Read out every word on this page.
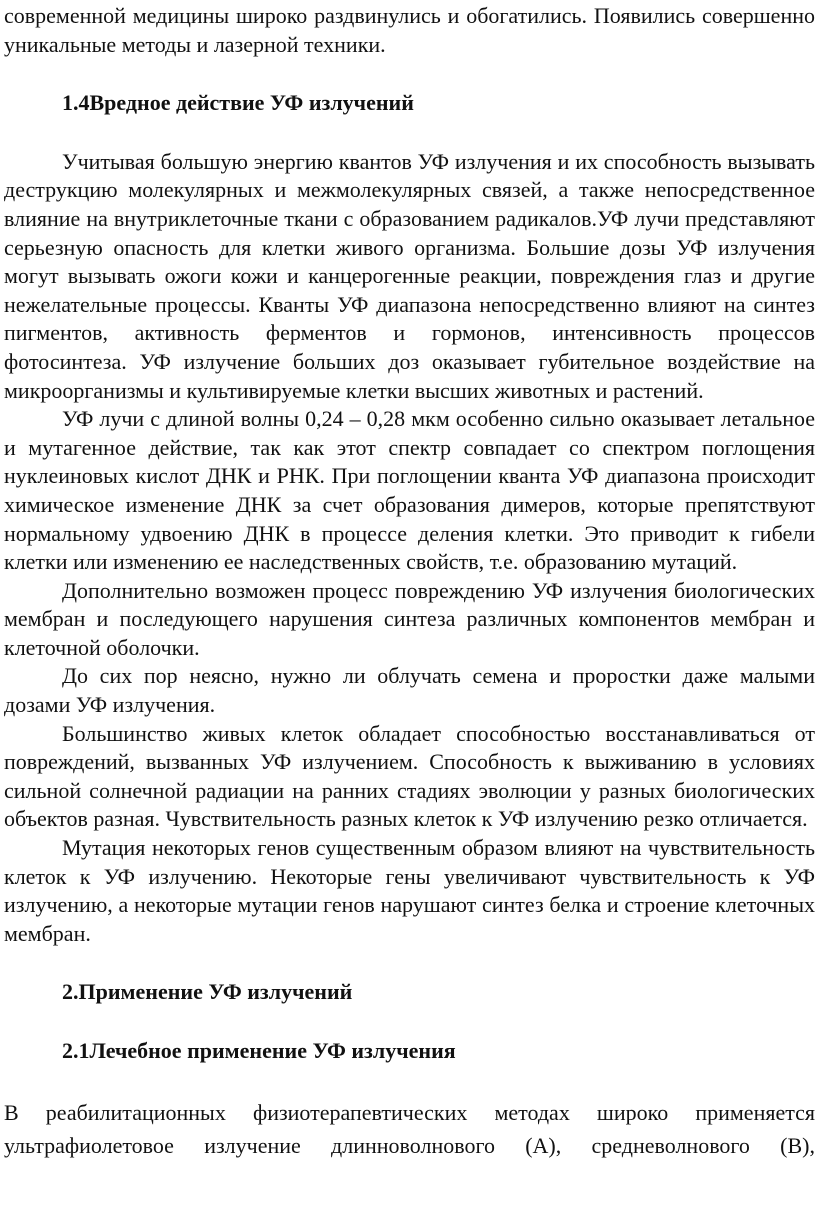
современной медицины широко раздвинулись и обогатились. Появились совершенно уникальные методы и лазерной техники.

1.4Вредное действие УФ излучений

Учитывая большую энергию квантов УФ излучения и их способность вызывать деструкцию молекулярных и межмолекулярных связей, а также непосредственное влияние на внутриклеточные ткани с образованием радикалов.УФ лучи представляют серьезную опасность для клетки живого организма. Большие дозы УФ излучения могут вызывать ожоги кожи и канцерогенные реакции, повреждения глаз и другие нежелательные процессы. Кванты УФ диапазона непосредственно влияют на синтез пигментов, активность ферментов и гормонов, интенсивность процессов фотосинтеза. УФ излучение больших доз оказывает губительное воздействие на микроорганизмы и культивируемые клетки высших животных и растений.

УФ лучи с длиной волны 0,24 – 0,28 мкм особенно сильно оказывает летальное и мутагенное действие, так как этот спектр совпадает со спектром поглощения нуклеиновых кислот ДНК и РНК. При поглощении кванта УФ диапазона происходит химическое изменение ДНК за счет образования димеров, которые препятствуют нормальному удвоению ДНК в процессе деления клетки. Это приводит к гибели клетки или изменению ее наследственных свойств, т.е. образованию мутаций.

Дополнительно возможен процесс повреждению УФ излучения биологических мембран и последующего нарушения синтеза различных компонентов мембран и клеточной оболочки.

До сих пор неясно, нужно ли облучать семена и проростки даже малыми дозами УФ излучения.

Большинство живых клеток обладает способностью восстанавливаться от повреждений, вызванных УФ излучением. Способность к выживанию в условиях сильной солнечной радиации на ранних стадиях эволюции у разных биологических объектов разная. Чувствительность разных клеток к УФ излучению резко отличается.

Мутация некоторых генов существенным образом влияют на чувствительность клеток к УФ излучению. Некоторые гены увеличивают чувствительность к УФ излучению, а некоторые мутации генов нарушают синтез белка и строение клеточных мембран.

2.Применение УФ излучений
2.1Лечебное применение УФ излучения

В реабилитационных физиотерапевтических методах широко применяется ультрафиолетовое излучение длинноволнового (А), средневолнового (В),
